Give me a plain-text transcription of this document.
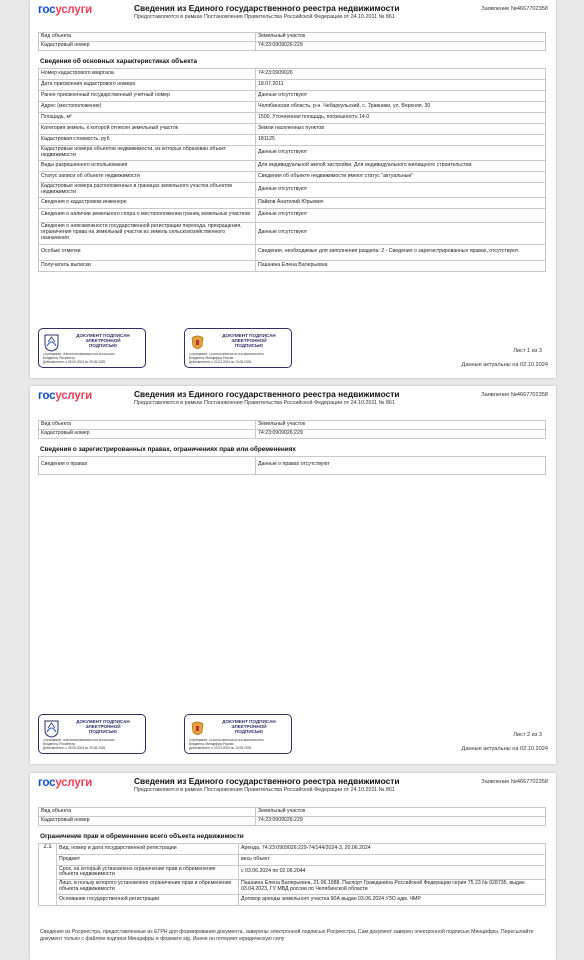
госуслуги	Сведения из Единого государственного реестра недвижимости
Предоставляются в рамках Постановления Правительства Российской Федерации от 24.10.2011 № 861
Заявление №4667702358
Вид объекта	Земельный участок
Кадастровый номер	74:23:0909026:229
Сведения об основных характеристиках объекта
Номер кадастрового квартала	74:23:0909026
Дата присвоения кадастрового номера	18.07.2011
Ранее присвоенный государственный учетный номер	Данные отсутствуют
Адрес (местоположение)	Челябинская область, р-н. Чебаркульский, с. Травники, ул. Верхняя, 30
Площадь, м²	1500, Уточненная площадь, погрешность 14.0
Категория земель, к которой отнесен земельный участок	Земли населенных пунктов
Кадастровая стоимость, руб	181125
Кадастровые номера объектов недвижимости, из которых образован объект недвижимости	Данные отсутствуют
Виды разрешенного использования	Для индивидуальной жилой застройки, Для индивидуального жилищного строительства
Статус записи об объекте недвижимости	Сведения об объекте недвижимости имеют статус "актуальные"
Кадастровые номера расположенных в границах земельного участка объектов недвижимости	Данные отсутствуют
Сведения о кадастровом инженере	Пайков Анатолий Юрьевич
Сведения о наличии земельного спора о местоположении границ земельных участков	Данные отсутствуют
Сведения о невозможности государственной регистрации перехода, прекращения, ограничения права на земельный участок из земель сельскохозяйственного назначения	Данные отсутствуют
Особые отметки	Сведения, необходимые для заполнения раздела: 2 - Сведения о зарегистрированных правах, отсутствуют.
Получатель выписки	Пашнина Елена Валерьевна
ДОКУМЕНТ ПОДПИСАН
ЭЛЕКТРОННОЙ
ПОДПИСЬЮ
Сертификат: 00b0590b69fa88bd3492f1e25444cfc
Владелец: Росреестр
Действителен: с 05.06.2024 по 29.08.2025
ДОКУМЕНТ ПОДПИСАН
ЭЛЕКТРОННОЙ
ПОДПИСЬЮ
Сертификат: 1d1893c3ee4cca1b7d51a6e85594f951
Владелец: Минцифры России
Действителен: с 20.03.2024 по 13.06.2025
Лист 1 из 3
Данные актуальны на 02.10.2024
госуслуги	Сведения из Единого государственного реестра недвижимости
Предоставляются в рамках Постановления Правительства Российской Федерации от 24.10.2011 № 861
Заявление №4667702358
Вид объекта	Земельный участок
Кадастровый номер	74:23:0909026:229
Сведения о зарегистрированных правах, ограничениях прав или обременениях
Сведения о правах	Данные о правах отсутствуют
ДОКУМЕНТ ПОДПИСАН
ЭЛЕКТРОННОЙ
ПОДПИСЬЮ
Сертификат: 00b0590b69fa88bd3492f1e25444cfc
Владелец: Росреестр
Действителен: с 05.06.2024 по 29.08.2025
ДОКУМЕНТ ПОДПИСАН
ЭЛЕКТРОННОЙ
ПОДПИСЬЮ
Сертификат: 1d1893c3ee4cca1b7d51a6e85594f951
Владелец: Минцифры России
Действителен: с 20.03.2024 по 13.06.2025
Лист 2 из 3
Данные актуальны на 02.10.2024
госуслуги	Сведения из Единого государственного реестра недвижимости
Предоставляются в рамках Постановления Правительства Российской Федерации от 24.10.2011 № 861
Заявление №4667702358
Вид объекта	Земельный участок
Кадастровый номер	74:23:0909026:229
Ограничение прав и обременение всего объекта недвижимости
2.1	Вид, номер и дата государственной регистрации	Аренда, 74:23:0909026:229-74/144/2024-3, 20.06.2024
	Предмет	весь объект
	Срок, на который установлено ограничение прав и обременение объекта недвижимости	с 03.06.2024 по 02.06.2044
	Лицо, в пользу которого установлено ограничение прав и обременение объекта недвижимости	Пашнина Елена Валерьевна, 21.06.1988, Паспорт Гражданина Российской Федерации серия 75 23 № 028735, выдан 03.04.2023, ГУ МВД россии по Челябинской области
	Основание государственной регистрации	Договор аренды земельного участка 90А выдан 03.06.2024 УЗО адм. ЧМР
Сведения из Росреестра, предоставленные из ЕГРН для формирования документа, заверены электронной подписью Росреестра. Сам документ заверен электронной подписью Минцифры. Пересылайте документ только с файлом подписи Минцифры в формате sig. Иначе он потеряет юридическую силу
